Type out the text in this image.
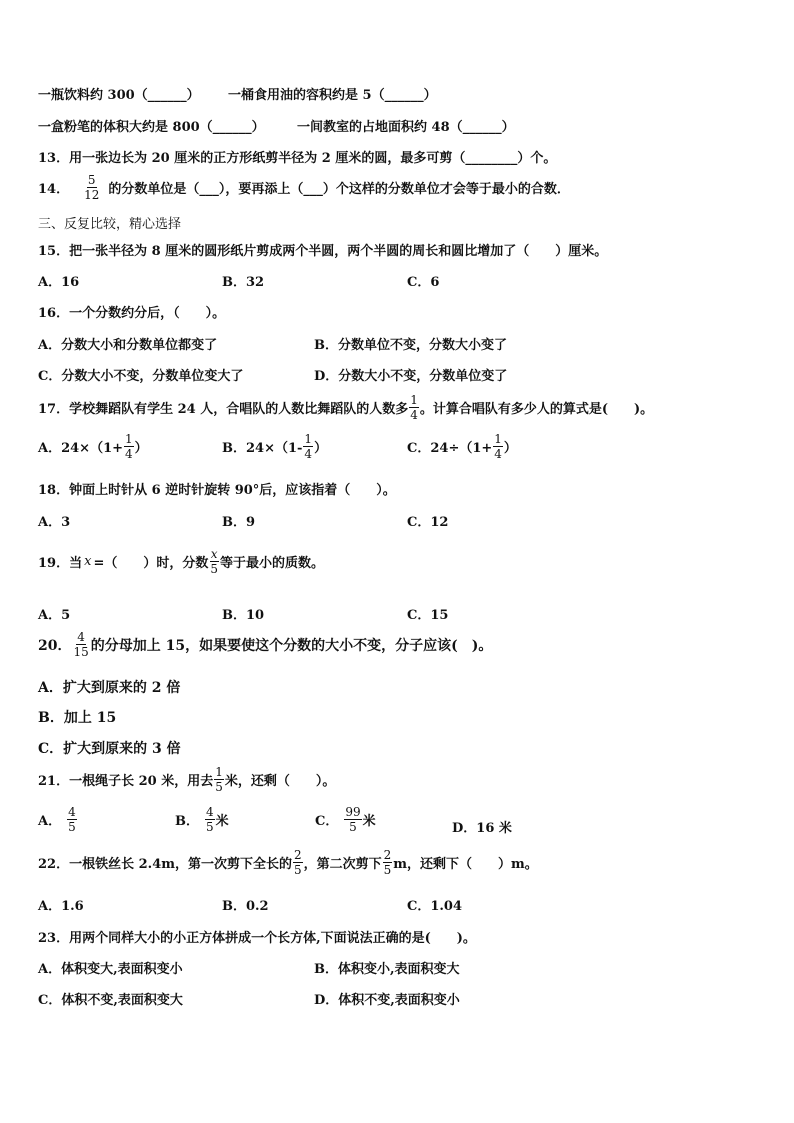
一瓶饮料约 300（______） 一桶食用油的容积约是 5（______）
一盒粉笔的体积大约是 800（______） 一间教室的占地面积约 48（______）
13．用一张边长为 20 厘米的正方形纸剪半径为 2 厘米的圆，最多可剪（________）个。
14． $\frac{5}{12}$ 的分数单位是（___），要再添上（___）个这样的分数单位才会等于最小的合数．
三、反复比较，精心选择
15．把一张半径为 8 厘米的圆形纸片剪成两个半圆，两个半圆的周长和圆比增加了（　　）厘米。
A．16	B．32	C．6
16．一个分数约分后，（　　）。
A．分数大小和分数单位都变了	B．分数单位不变，分数大小变了
C．分数大小不变，分数单位变大了	D．分数大小不变，分数单位变了
17．学校舞蹈队有学生 24 人，合唱队的人数比舞蹈队的人数多 $\frac{1}{4}$ 。计算合唱队有多少人的算式是(　　)。
A．$24\times(1+ \frac{1}{4}$ ）	B．$24\times(1- \frac{1}{4}$ ）	C．$24\div(1+ \frac{1}{4}$ ）
18．钟面上时针从 6 逆时针旋转 90°后，应该指着（　　）。
A．3	B．9	C．12
19．当 x =（　　）时，分数 $\frac{x}{5}$ 等于最小的质数。
A．5	B．10	C．15
20． $\frac{4}{15}$ 的分母加上 15，如果要使这个分数的大小不变，分子应该(　)。
A．扩大到原来的 2 倍
B．加上 15
C．扩大到原来的 3 倍
21．一根绳子长 20 米，用去 $\frac{1}{5}$ 米，还剩（　　）。
A． $\frac{4}{5}$	B． $\frac{4}{5}$ 米	C． $\frac{99}{5}$ 米	D．16 米
22．一根铁丝长 2.4m，第一次剪下全长的 $\frac{2}{5}$ ，第二次剪下 $\frac{2}{5}$ m，还剩下（　　）m。
A．1.6	B．0.2	C．1.04
23．用两个同样大小的小正方体拼成一个长方体,下面说法正确的是(　　)。
A．体积变大,表面积变小	B．体积变小,表面积变大
C．体积不变,表面积变大	D．体积不变,表面积变小
